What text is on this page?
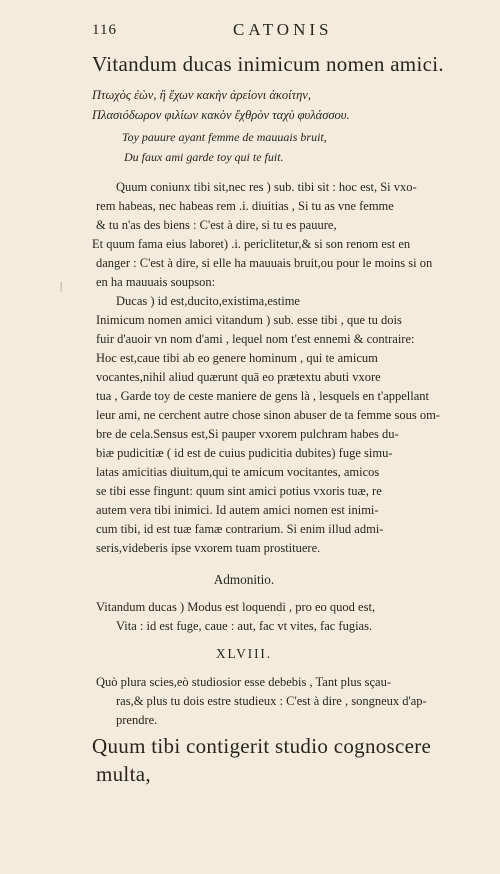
116	CATONIS
Vitandum ducas inimicum nomen amici.
Πτωχὸς ἐὼν, ἢ ἔχων κακὴν ἀρείονι ἀκοίτην,
Πλασιόδωρον φιλίων κακὸν ἔχθρὸν ταχὺ φυλάσσου.
Toy pauure ayant femme de mauuais bruit,
Du faux ami garde toy qui te fuit.
Quum coniunx tibi sit,nec res ) sub. tibi sit : hoc est, Si vxo-
rem habeas, nec habeas rem .i. diuitias , Si tu as vne femme
& tu n'as des biens : C'est à dire, si tu es pauure,
Et quum fama eius laboret) .i. periclitetur,& si son renom est en
danger : C'est à dire, si elle ha mauuais bruit,ou pour le moins si on
en ha mauuais soupson:
Ducas ) id est,ducito,existima,estime
Inimicum nomen amici vitandum ) sub. esse tibi , que tu dois
fuir d'auoir vn nom d'ami , lequel nom t'est ennemi & contraire:
Hoc est,caue tibi ab eo genere hominum , qui te amicum
vocantes,nihil aliud quærunt quā eo prætextu abuti vxore
tua , Garde toy de ceste maniere de gens là , lesquels en t'appellant
leur ami, ne cerchent autre chose sinon abuser de ta femme sous om-
bre de cela.Sensus est,Si pauper vxorem pulchram habes du-
biæ pudicitiæ ( id est de cuius pudicitia dubites) fuge simu-
latas amicitias diuitum,qui te amicum vocitantes, amicos
se tibi esse fingunt: quum sint amici potius vxoris tuæ, re
autem vera tibi inimici. Id autem amici nomen est inimi-
cum tibi, id est tuæ famæ contrarium. Si enim illud admi-
seris,videberis ipse vxorem tuam prostituere.
Admonitio.
Vitandum ducas ) Modus est loquendi , pro eo quod est,
Vita : id est fuge, caue : aut, fac vt vites, fac fugias.
XLVIII.
Quò plura scies,eò studiosior esse debebis , Tant plus sçau-
ras,& plus tu dois estre studieux : C'est à dire , songneux d'ap-
prendre.
Quum tibi contigerit studio cognoscere
multa,
|
